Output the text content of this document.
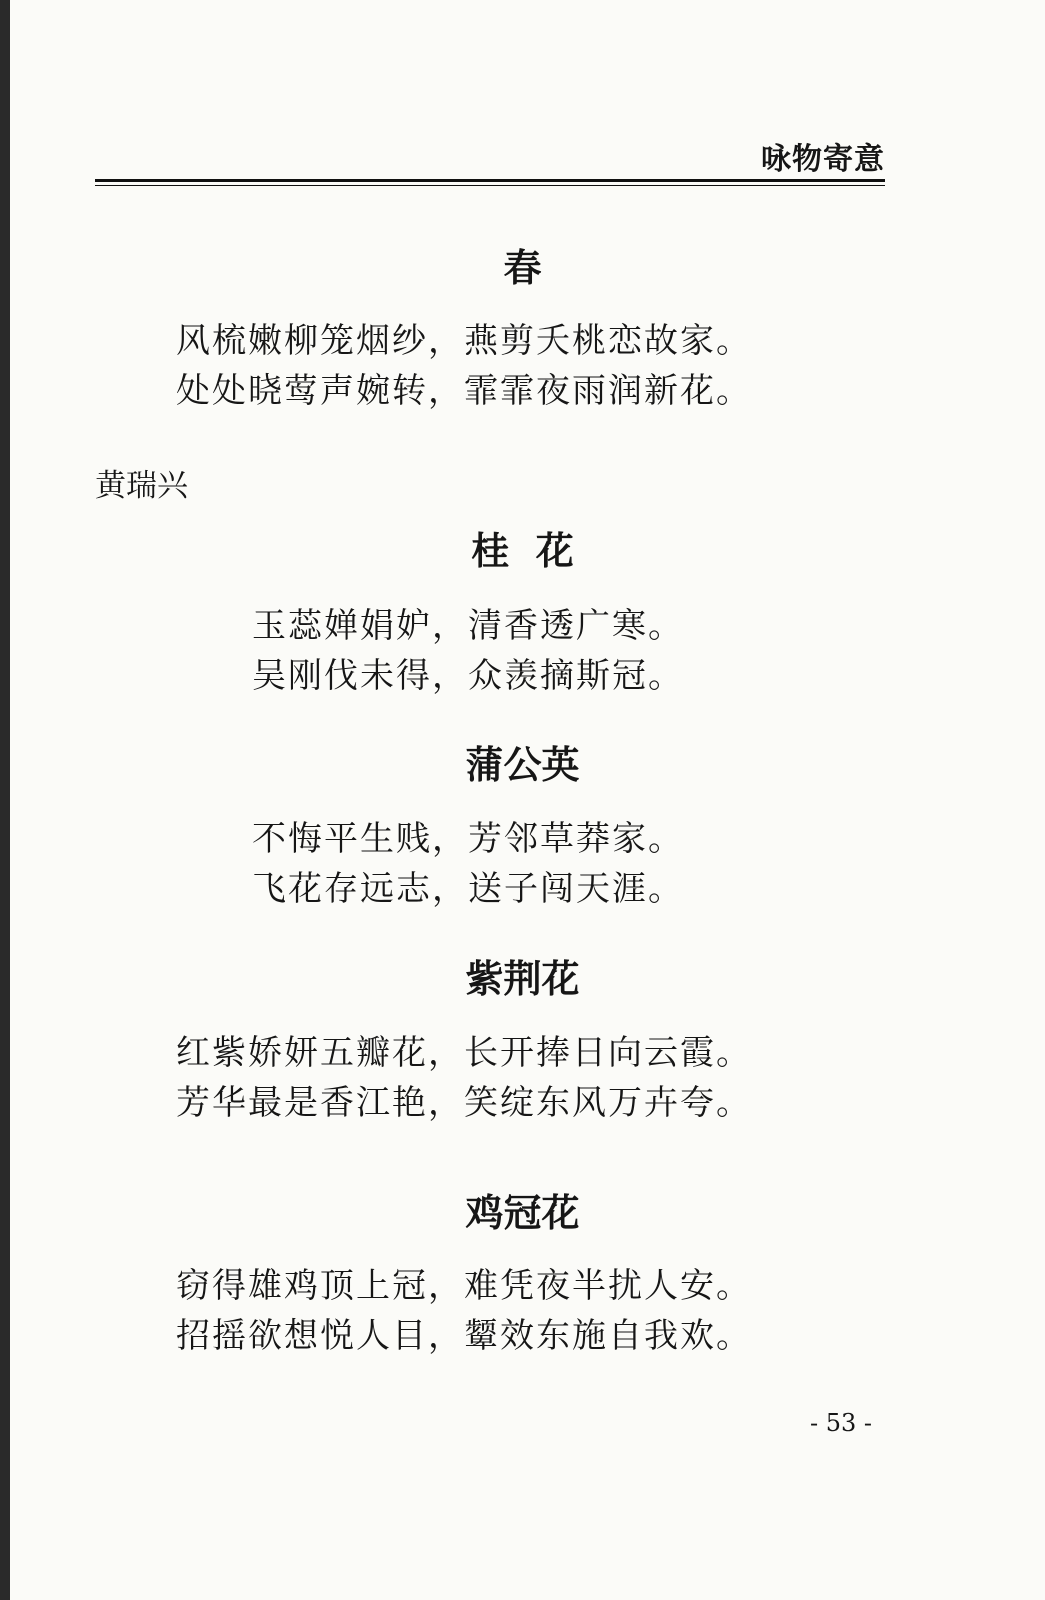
咏物寄意
春
风梳嫩柳笼烟纱，燕剪夭桃恋故家。
处处晓莺声婉转，霏霏夜雨润新花。
黄瑞兴
桂  花
玉蕊婵娟妒，清香透广寒。
吴刚伐未得，众羡摘斯冠。
蒲公英
不悔平生贱，芳邻草莽家。
飞花存远志，送子闯天涯。
紫荆花
红紫娇妍五瓣花，长开捧日向云霞。
芳华最是香江艳，笑绽东风万卉夸。
鸡冠花
窃得雄鸡顶上冠，难凭夜半扰人安。
招摇欲想悦人目，颦效东施自我欢。
- 53 -
